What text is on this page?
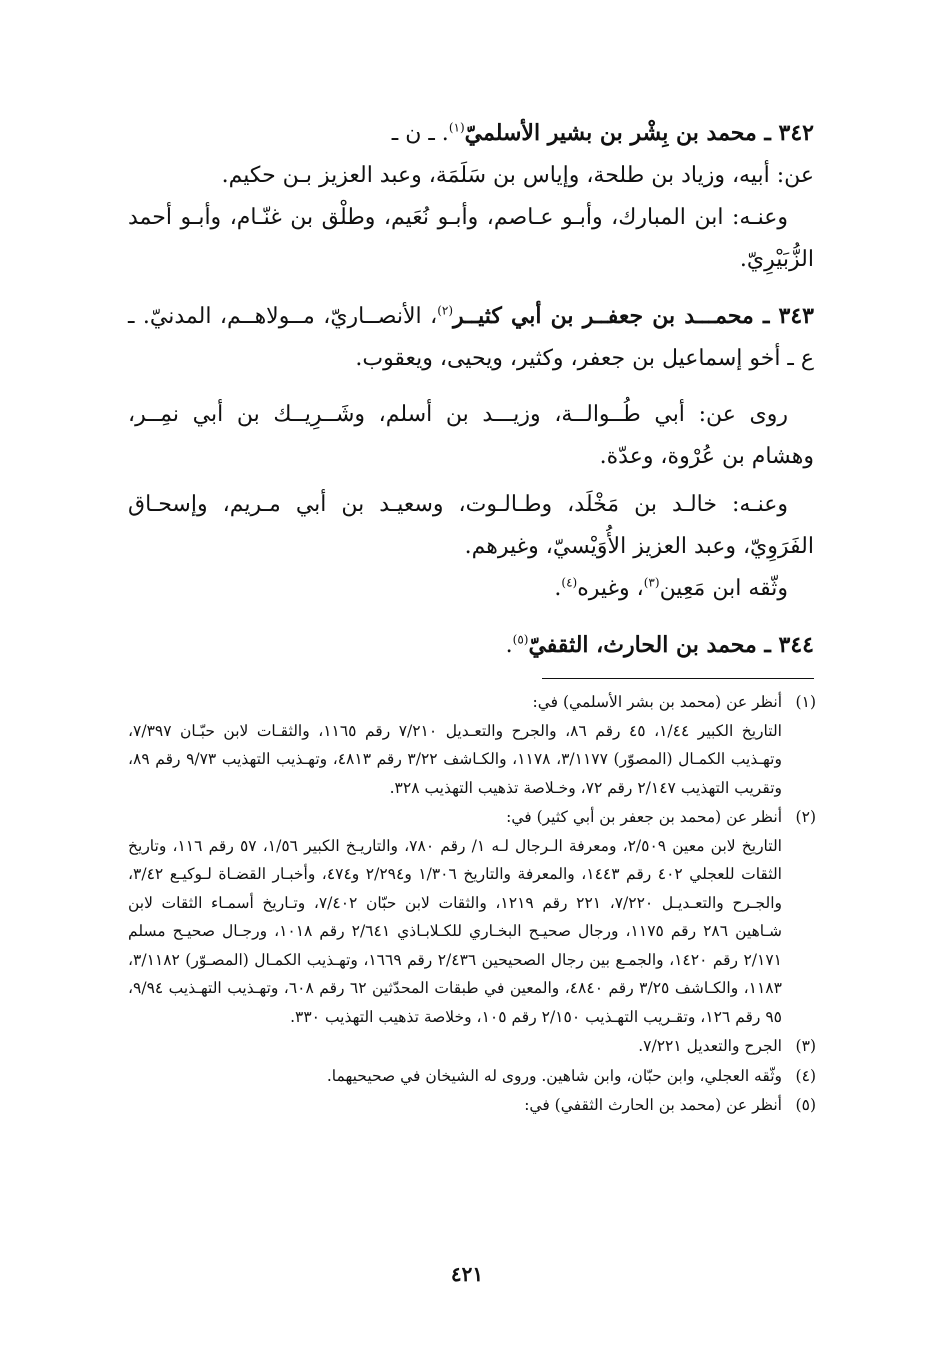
٣٤٢ ـ محمد بن بِشْر بن بشير الأسلميّ$^{(١)}$. ـ ن ـ

عن: أبيه، وزياد بن طلحة، وإياس بن سَلَمَة، وعبد العزيز بـن حكيم.

وعنـه: ابن المبارك، وأبـو عـاصم، وأبـو نُعَيم، وطلْق بن غنّـام، وأبـو أحمد الزُّبَيْرِيّ.

٣٤٣ ـ محمـــد بن جعفــر بن أبي كثيــر$^{(٢)}$، الأنصــاريّ، مــولاهــم، المدنيّ. ـ ع ـ أخو إسماعيل بن جعفر، وكثير، ويحيى، ويعقوب.

روى عن: أبي طُــوالــة، وزيـــد بن أسلم، وشَــرِيــك بن أبي نمِــر، وهشام بن عُرْوة، وعدّة.

وعنـه: خالـد بن مَخْلَد، وطـالـوت، وسعيـد بن أبي مـريم، وإسحـاق الفَرَوِيّ، وعبد العزيز الأُوَيْسيّ، وغيرهم.

وثّقه ابن مَعِين$^{(٣)}$، وغيره$^{(٤)}$.

٣٤٤ ـ محمد بن الحارث، الثقفيّ$^{(٥)}$.

(١)أنظر عن (محمد بن بشر الأسلمي) في:
التاريخ الكبير ١/٤٤، ٤٥ رقم ٨٦، والجرح والتعـديل ٧/٢١٠ رقم ١١٦٥، والثقـات لابن حبّـان ٧/٣٩٧، وتهـذيب الكمـال (المصوّر) ٣/١١٧٧، ١١٧٨، والكـاشف ٣/٢٢ رقم ٤٨١٣، وتهـذيب التهذيب ٩/٧٣ رقم ٨٩، وتقريب التهذيب ٢/١٤٧ رقم ٧٢، وخـلاصة تذهيب التهذيب ٣٢٨.
(٢)أنظر عن (محمد بن جعفر بن أبي كثير) في:
التاريخ لابن معين ٢/٥٠٩، ومعرفة الـرجال لـه ١/ رقم ٧٨٠، والتاريـخ الكبير ١/٥٦، ٥٧ رقم ١١٦، وتاريخ الثقات للعجلي ٤٠٢ رقم ١٤٤٣، والمعرفة والتاريخ ١/٣٠٦ و٢/٢٩٤ و٤٧٤، وأخبـار القضـاة لـوكيـع ٣/٤٢، والجـرح والتعـديـل ٧/٢٢٠، ٢٢١ رقم ١٢١٩، والثقات لابن حبّان ٧/٤٠٢، وتـاريخ أسمـاء الثقات لابن شـاهين ٢٨٦ رقم ١١٧٥، ورجال صحيـح البخـاري للكـلابـاذي ٢/٦٤١ رقم ١٠١٨، ورجـال صحيـح مسلم ٢/١٧١ رقم ١٤٢٠، والجمـع بين رجال الصحيحين ٢/٤٣٦ رقم ١٦٦٩، وتهـذيب الكمـال (المصـوّر) ٣/١١٨٢، ١١٨٣، والكـاشف ٣/٢٥ رقم ٤٨٤٠، والمعين في طبقات المحدّثين ٦٢ رقم ٦٠٨، وتهـذيب التهـذيب ٩/٩٤، ٩٥ رقم ١٢٦، وتقـريب التهـذيب ٢/١٥٠ رقم ١٠٥، وخلاصة تذهيب التهذيب ٣٣٠.
(٣)الجرح والتعديل ٧/٢٢١.
(٤)وثّقه العجلي، وابن حبّان، وابن شاهين. وروى له الشيخان في صحيحيهما.
(٥)أنظر عن (محمد بن الحارث الثقفي) في:
٤٢١
